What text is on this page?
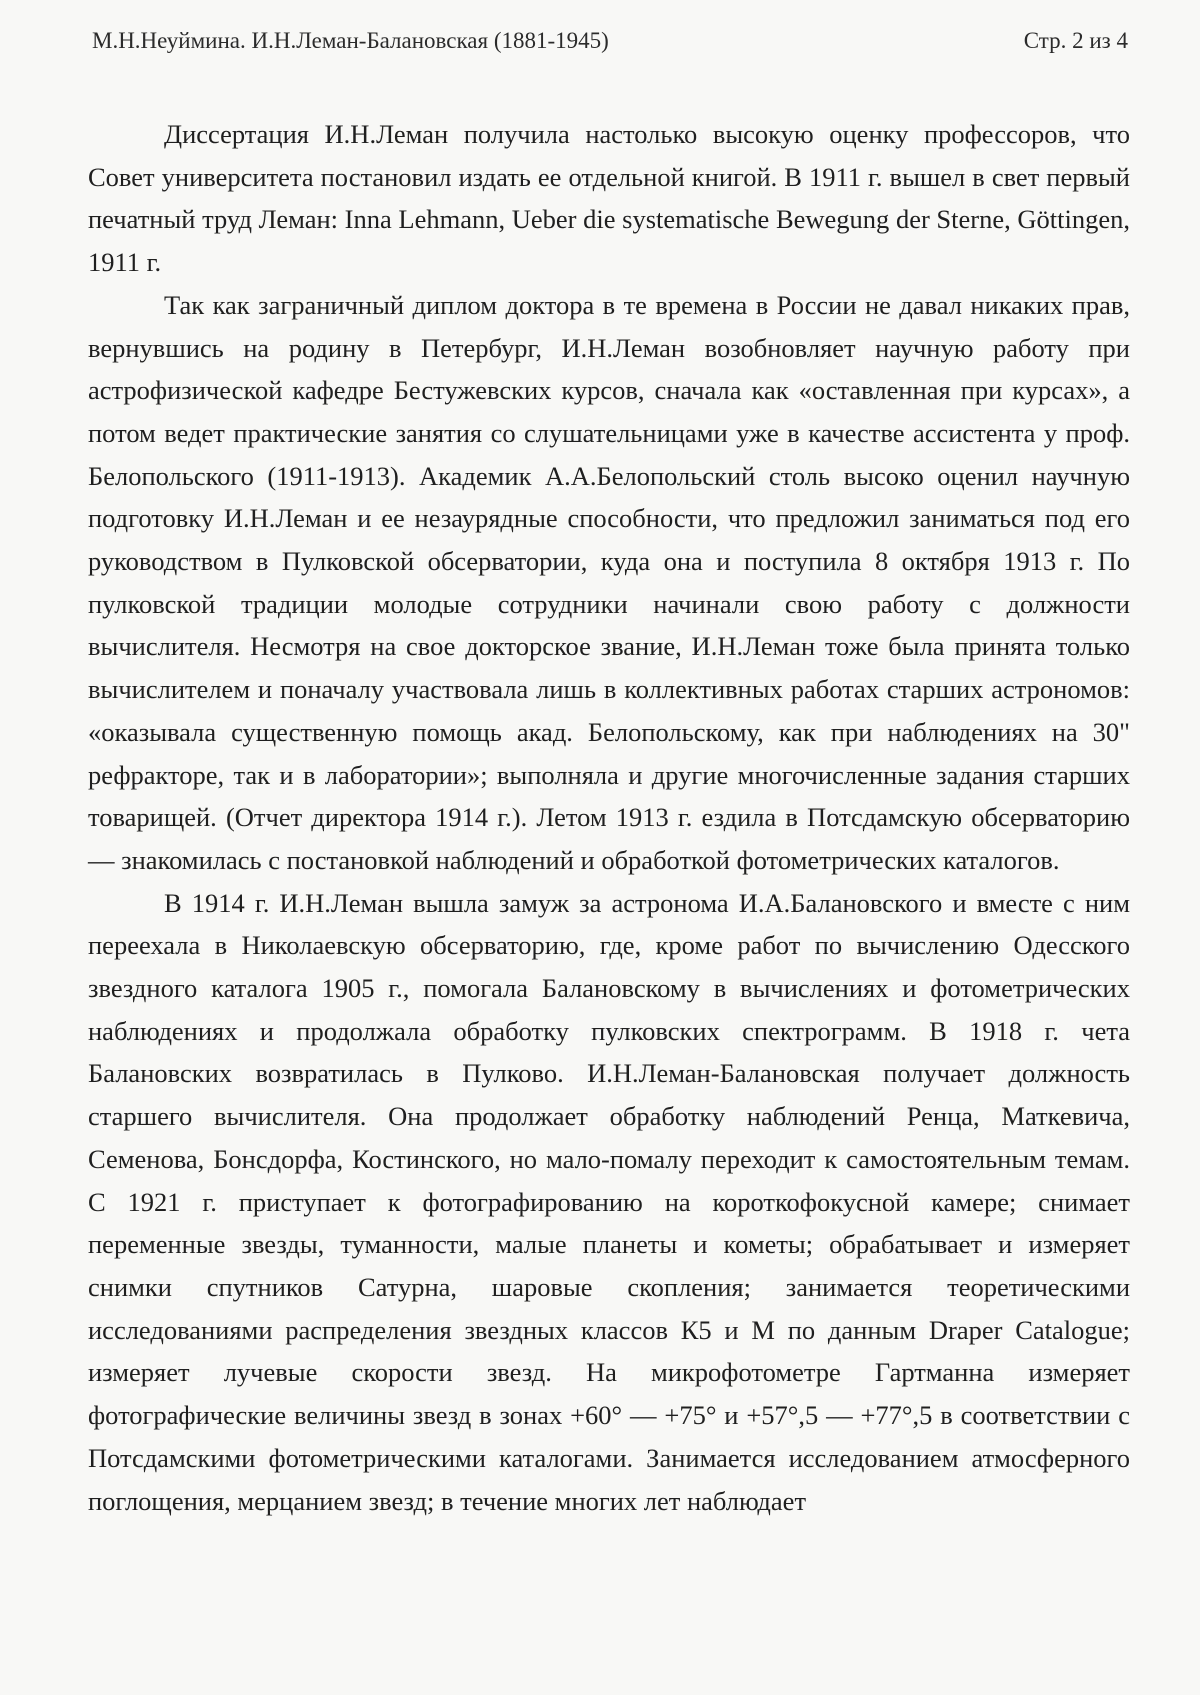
М.Н.Неуймина. И.Н.Леман-Балановская (1881-1945)	Стр. 2 из 4

Диссертация И.Н.Леман получила настолько высокую оценку профессоров, что Совет университета постановил издать ее отдельной книгой. В 1911 г. вышел в свет первый печатный труд Леман: Inna Lehmann, Ueber die systematische Bewegung der Sterne, Göttingen, 1911 г.

Так как заграничный диплом доктора в те времена в России не давал никаких прав, вернувшись на родину в Петербург, И.Н.Леман возобновляет научную работу при астрофизической кафедре Бестужевских курсов, сначала как «оставленная при курсах», а потом ведет практические занятия со слушательницами уже в качестве ассистента у проф. Белопольского (1911-1913). Академик А.А.Белопольский столь высоко оценил научную подготовку И.Н.Леман и ее незаурядные способности, что предложил заниматься под его руководством в Пулковской обсерватории, куда она и поступила 8 октября 1913 г. По пулковской традиции молодые сотрудники начинали свою работу с должности вычислителя. Несмотря на свое докторское звание, И.Н.Леман тоже была принята только вычислителем и поначалу участвовала лишь в коллективных работах старших астрономов: «оказывала существенную помощь акад. Белопольскому, как при наблюдениях на 30" рефракторе, так и в лаборатории»; выполняла и другие многочисленные задания старших товарищей. (Отчет директора 1914 г.). Летом 1913 г. ездила в Потсдамскую обсерваторию — знакомилась с постановкой наблюдений и обработкой фотометрических каталогов.

В 1914 г. И.Н.Леман вышла замуж за астронома И.А.Балановского и вместе с ним переехала в Николаевскую обсерваторию, где, кроме работ по вычислению Одесского звездного каталога 1905 г., помогала Балановскому в вычислениях и фотометрических наблюдениях и продолжала обработку пулковских спектрограмм. В 1918 г. чета Балановских возвратилась в Пулково. И.Н.Леман-Балановская получает должность старшего вычислителя. Она продолжает обработку наблюдений Ренца, Маткевича, Семенова, Бонсдорфа, Костинского, но мало-помалу переходит к самостоятельным темам. С 1921 г. приступает к фотографированию на короткофокусной камере; снимает переменные звезды, туманности, малые планеты и кометы; обрабатывает и измеряет снимки спутников Сатурна, шаровые скопления; занимается теоретическими исследованиями распределения звездных классов К5 и М по данным Draper Catalogue; измеряет лучевые скорости звезд. На микрофотометре Гартманна измеряет фотографические величины звезд в зонах +60° — +75° и +57°,5 — +77°,5 в соответствии с Потсдамскими фотометрическими каталогами. Занимается исследованием атмосферного поглощения, мерцанием звезд; в течение многих лет наблюдает
